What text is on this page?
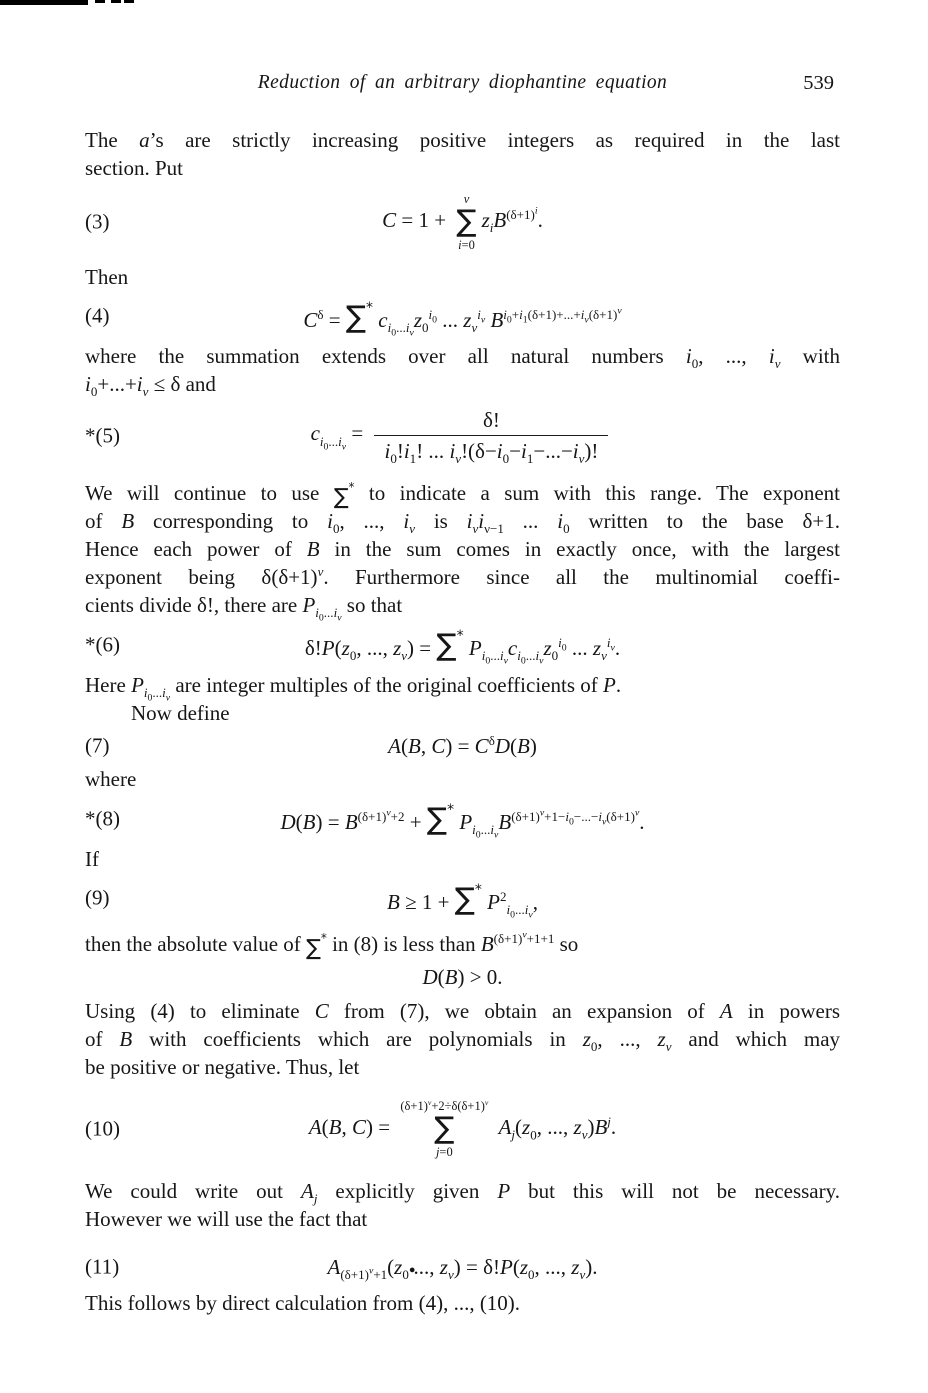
Reduction of an arbitrary diophantine equation	539
The a’s are strictly increasing positive integers as required in the last
section. Put
(3)	C = 1 +
ν
∑
i=0
$z_iB^{(\delta+1)^i}$.
Then
(4)	$C^\delta = \sum^*$ $c_{i_0...i_\nu}z_0^{i_0}$ ... $z_\nu^{i_\nu}$ $B^{i_0+i_1(\delta+1)+...+i_\nu(\delta+1)^\nu}$
where the summation extends over all natural numbers $i_0$, ..., $i_\nu$ with
$i_0+...+i_\nu \le \delta$ and
*(5)	$c_{i_0...i_\nu} = \frac{\delta!}{i_0!i_1! ... i_\nu!(\delta-i_0-i_1-...-i_\nu)!}$
We will continue to use ∑* to indicate a sum with this range. The exponent
of B corresponding to $i_0$, ..., $i_\nu$ is $i_\nu i_{\nu-1}$ ... $i_0$ written to the base δ+1.
Hence each power of B in the sum comes in exactly once, with the largest
exponent being $\delta(\delta+1)^\nu$. Furthermore since all the multinomial coeffi-
cients divide δ!, there are $P_{i_0...i_\nu}$ so that
*(6)	$\delta!P(z_0$, ..., $z_\nu) = \sum^*$ $P_{i_0...i_\nu}c_{i_0...i_\nu}z_0^{i_0}$ ... $z_\nu^{i_\nu}$.
Here $P_{i_0...i_\nu}$ are integer multiples of the original coefficients of P.
Now define
(7)	A(B, $C) = C^\delta D(B)$
where
*(8)	$D(B) = B^{(\delta+1)^\nu+2} + \sum^*$ $P_{i_0...i_\nu}B^{(\delta+1)^\nu+1-i_0-...-i_\nu(\delta+1)^\nu}$.
If
(9)	B ≥ 1 + ∑* $P^2_{i_0...i_\nu}$,
then the absolute value of ∑* in (8) is less than $B^{(\delta+1)^\nu+1+1}$ so
D(B) > 0.
Using (4) to eliminate C from (7), we obtain an expansion of A in powers
of B with coefficients which are polynomials in $z_0$, ..., $z_\nu$ and which may
be positive or negative. Thus, let
(10)	A(B, C) =
$(\delta+1)^\nu+2\div\delta(\delta+1)^\nu$
∑
j=0
$A_j(z_0$, ..., $z_\nu)B^j$.
We could write out $A_j$ explicitly given P but this will not be necessary.
However we will use the fact that
(11)	$A_{(\delta+1)^\nu+1}(z_0●$..., $z_\nu) = \delta!P(z_0$, ..., $z_\nu$).
This follows by direct calculation from (4), ..., (10).
